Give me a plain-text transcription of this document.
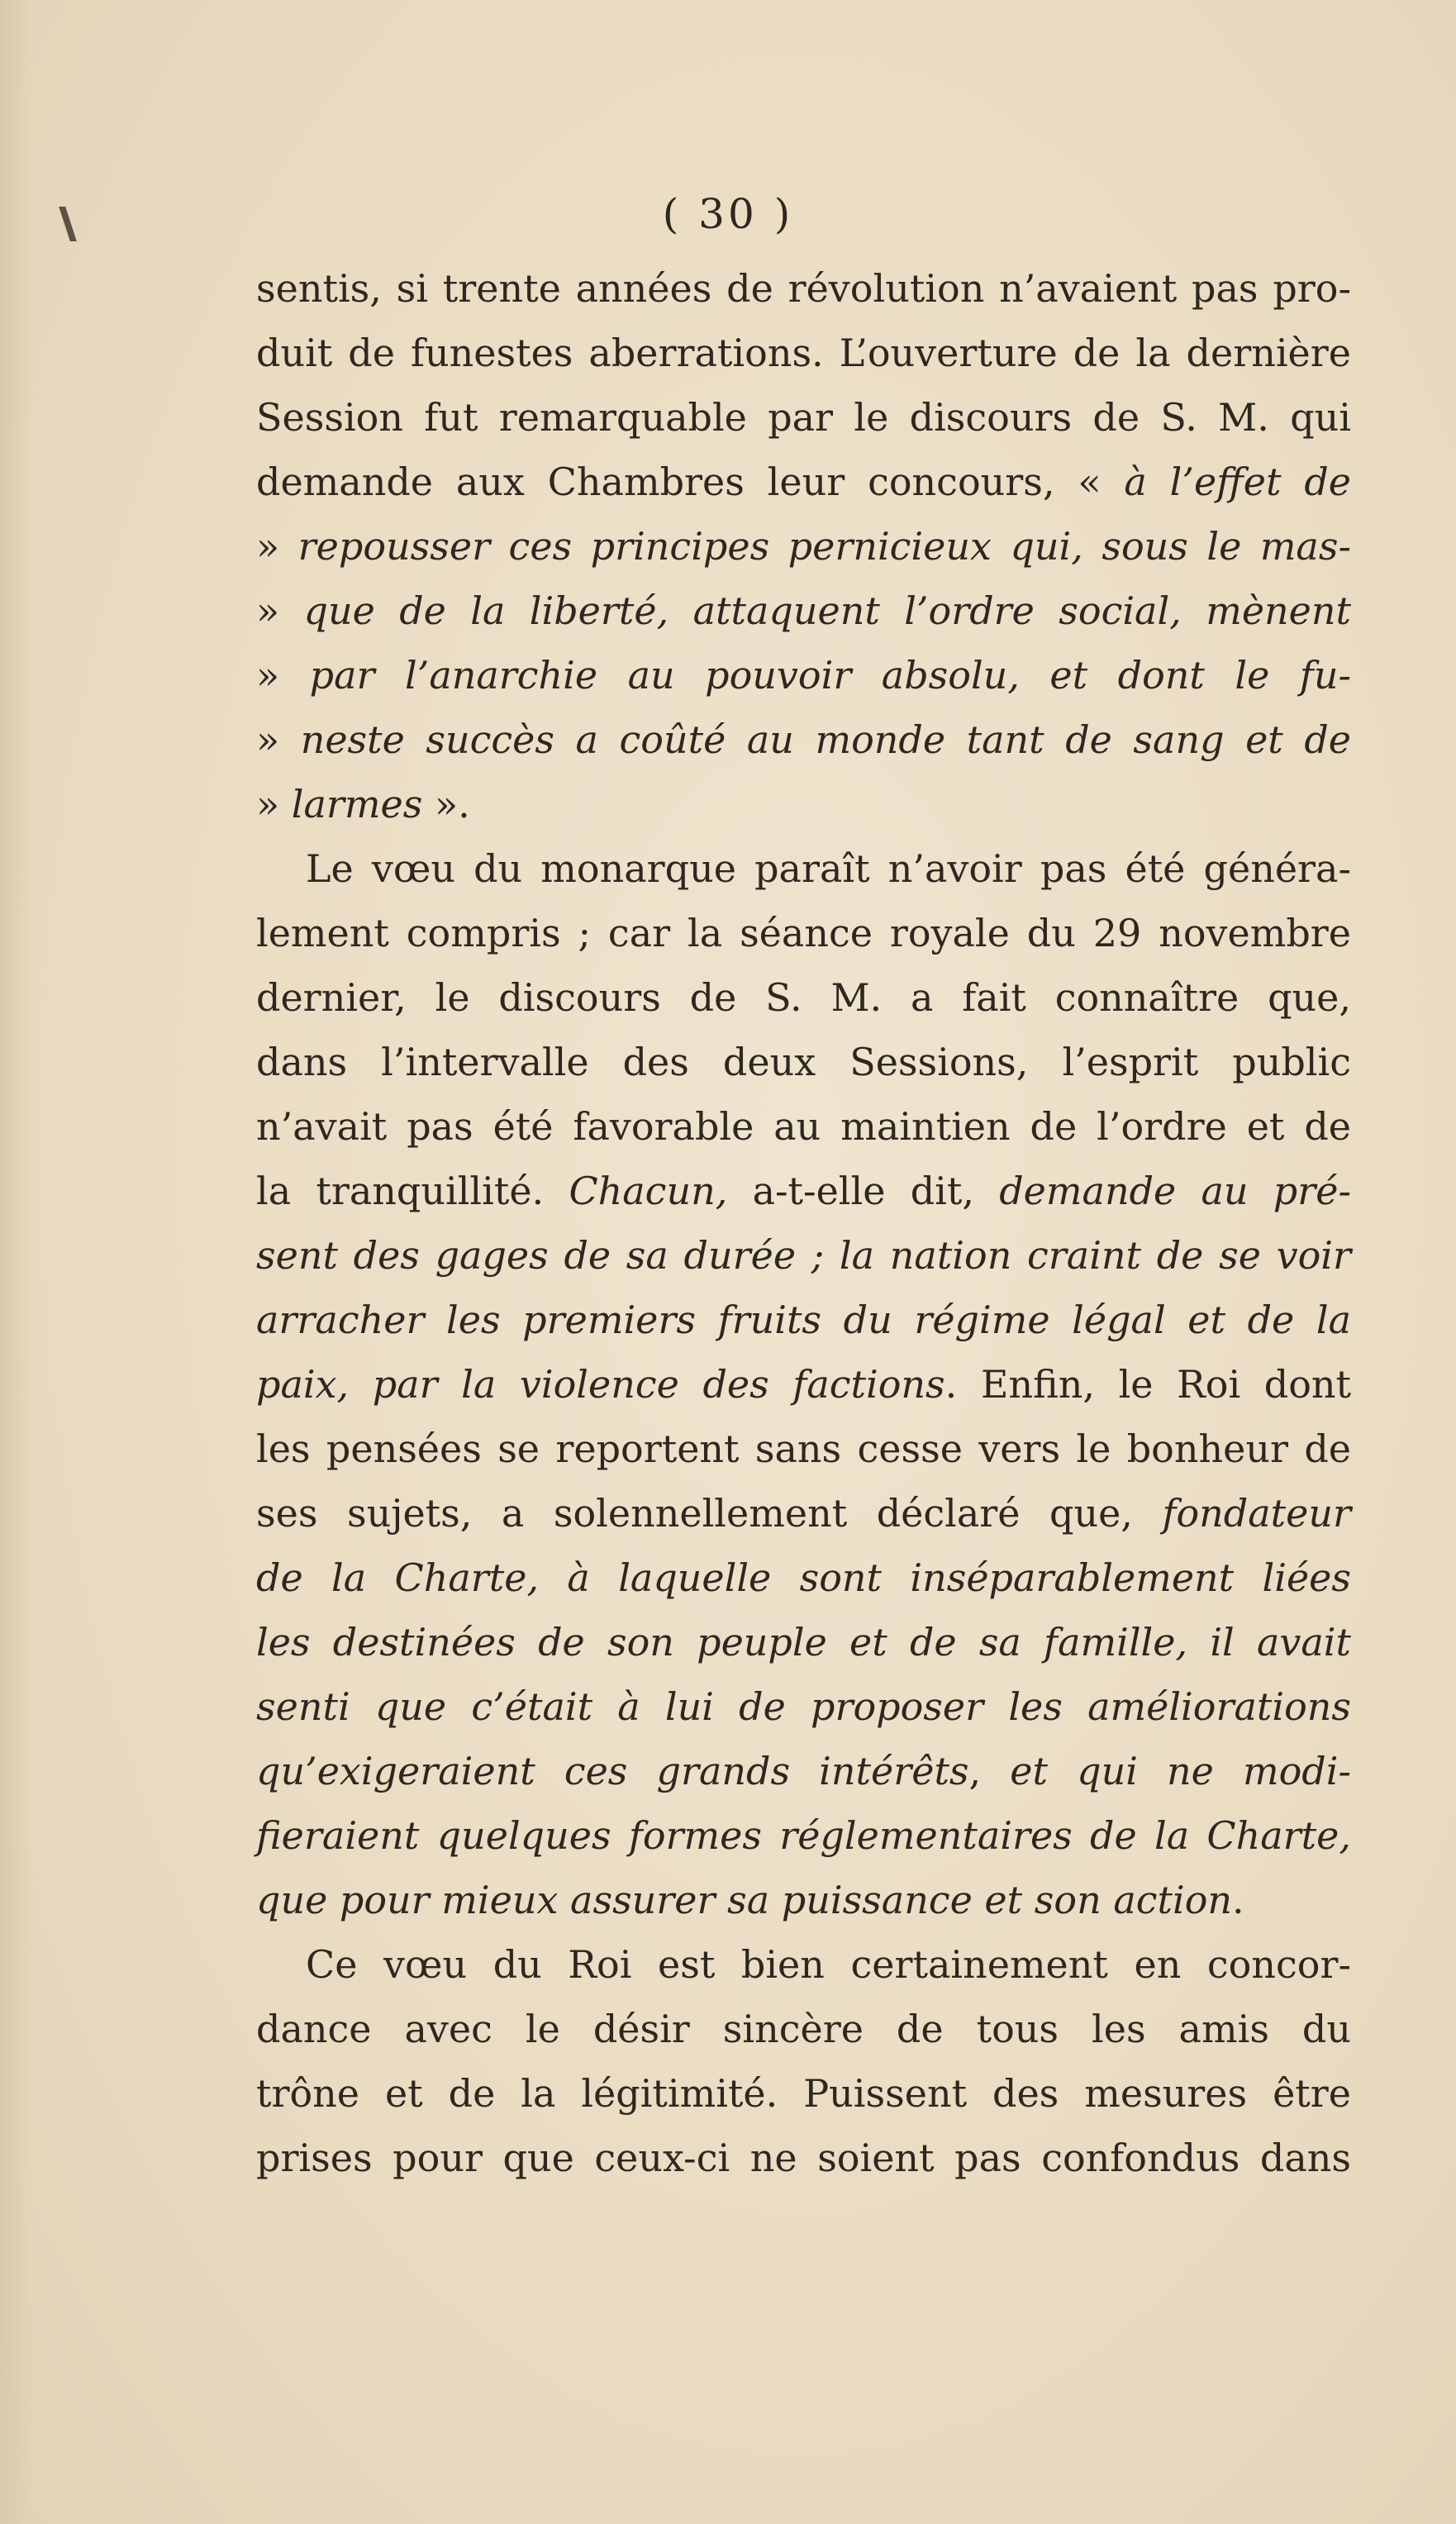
( 30 )
sentis, si trente années de révolution n’avaient pas pro-
duit de funestes aberrations. L’ouverture de la dernière
Session fut remarquable par le discours de S. M. qui
demande aux Chambres leur concours, « à l’effet de
» repousser ces principes pernicieux qui, sous le mas-
» que de la liberté, attaquent l’ordre social, mènent
» par l’anarchie au pouvoir absolu, et dont le fu-
» neste succès a coûté au monde tant de sang et de
» larmes ».
Le vœu du monarque paraît n’avoir pas été généra-
lement compris ; car la séance royale du 29 novembre
dernier, le discours de S. M. a fait connaître que,
dans l’intervalle des deux Sessions, l’esprit public
n’avait pas été favorable au maintien de l’ordre et de
la tranquillité. Chacun, a-t-elle dit, demande au pré-
sent des gages de sa durée ; la nation craint de se voir
arracher les premiers fruits du régime légal et de la
paix, par la violence des factions. Enfin, le Roi dont
les pensées se reportent sans cesse vers le bonheur de
ses sujets, a solennellement déclaré que, fondateur
de la Charte, à laquelle sont inséparablement liées
les destinées de son peuple et de sa famille, il avait
senti que c’était à lui de proposer les améliorations
qu’exigeraient ces grands intérêts, et qui ne modi-
fieraient quelques formes réglementaires de la Charte,
que pour mieux assurer sa puissance et son action.
Ce vœu du Roi est bien certainement en concor-
dance avec le désir sincère de tous les amis du
trône et de la légitimité. Puissent des mesures être
prises pour que ceux-ci ne soient pas confondus dans
